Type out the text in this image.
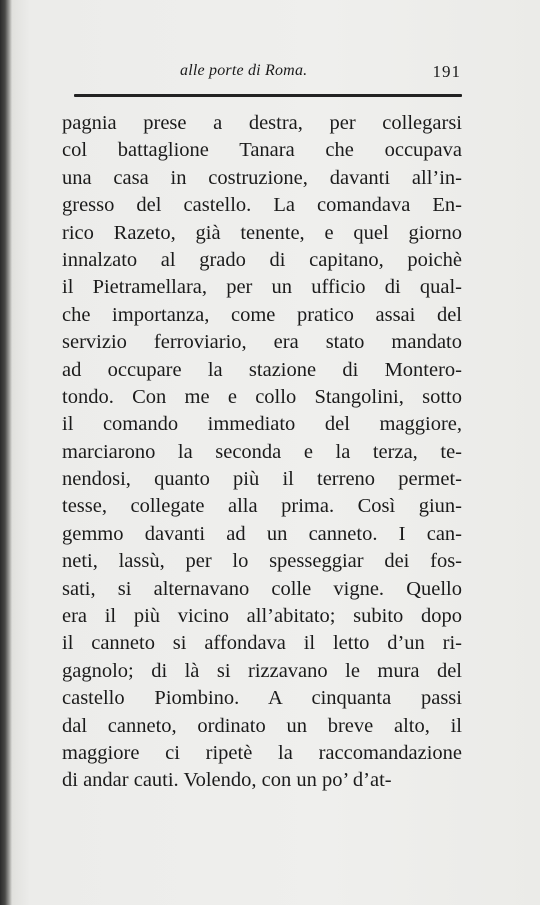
alle porte di Roma.	191
pagnia prese a destra, per collegarsi
col battaglione Tanara che occupava
una casa in costruzione, davanti all’in-
gresso del castello. La comandava En-
rico Razeto, già tenente, e quel giorno
innalzato al grado di capitano, poichè
il Pietramellara, per un ufficio di qual-
che importanza, come pratico assai del
servizio ferroviario, era stato mandato
ad occupare la stazione di Montero-
tondo. Con me e collo Stangolini, sotto
il comando immediato del maggiore,
marciarono la seconda e la terza, te-
nendosi, quanto più il terreno permet-
tesse, collegate alla prima. Così giun-
gemmo davanti ad un canneto. I can-
neti, lassù, per lo spesseggiar dei fos-
sati, si alternavano colle vigne. Quello
era il più vicino all’abitato; subito dopo
il canneto si affondava il letto d’un ri-
gagnolo; di là si rizzavano le mura del
castello Piombino. A cinquanta passi
dal canneto, ordinato un breve alto, il
maggiore ci ripetè la raccomandazione
di andar cauti. Volendo, con un po’ d’at-
